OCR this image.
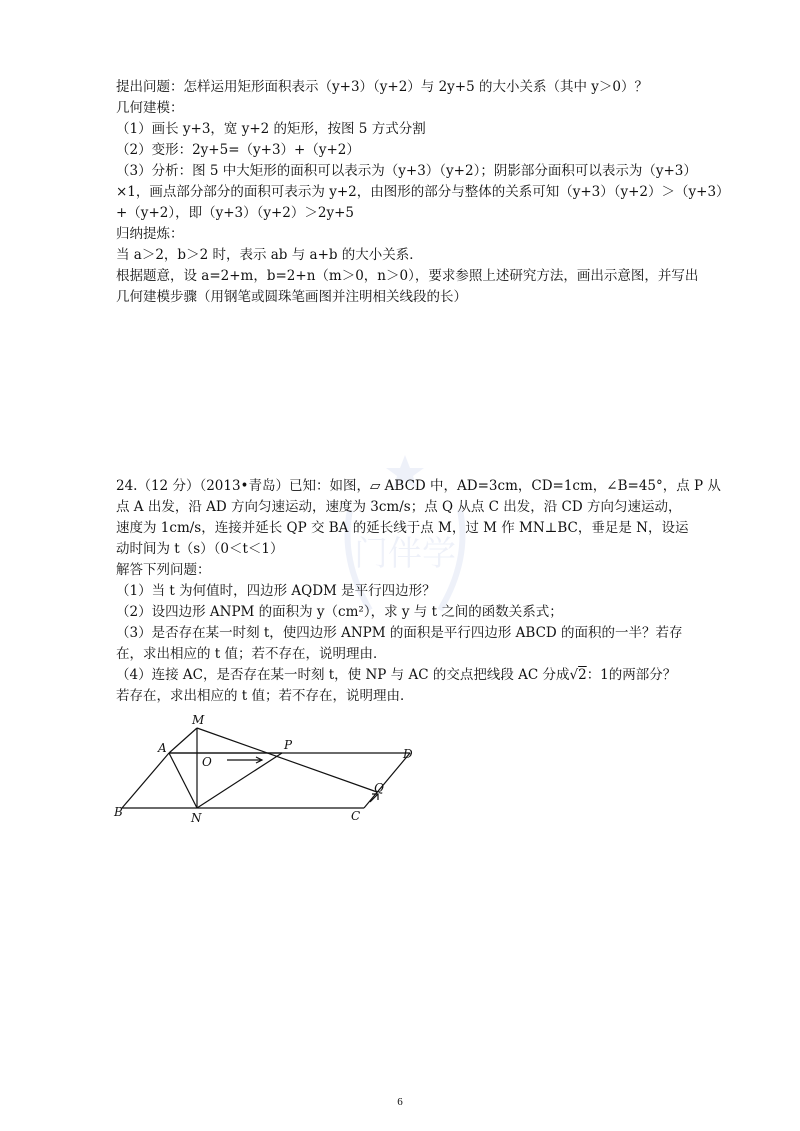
门伴学
提出问题：怎样运用矩形面积表示（y+3）（y+2）与 2y+5 的大小关系（其中 y＞0）？
几何建模：
（1）画长 y+3，宽 y+2 的矩形，按图 5 方式分割
（2）变形：2y+5=（y+3）+（y+2）
（3）分析：图 5 中大矩形的面积可以表示为（y+3）（y+2）；阴影部分面积可以表示为（y+3）
×1，画点部分部分的面积可表示为 y+2，由图形的部分与整体的关系可知（y+3）（y+2）＞（y+3）
+（y+2），即（y+3）（y+2）＞2y+5
归纳提炼：
当 a＞2，b＞2 时，表示 ab 与 a+b 的大小关系．
根据题意，设 a=2+m，b=2+n（m＞0，n＞0），要求参照上述研究方法，画出示意图，并写出
几何建模步骤（用钢笔或圆珠笔画图并注明相关线段的长）
24.（12 分）（2013•青岛）已知：如图，▱ ABCD 中，AD=3cm，CD=1cm，∠B=45°，点 P 从
点 A 出发，沿 AD 方向匀速运动，速度为 3cm/s；点 Q 从点 C 出发，沿 CD 方向匀速运动，
速度为 1cm/s，连接并延长 QP 交 BA 的延长线于点 M，过 M 作 MN⊥BC，垂足是 N，设运
动时间为 t（s）（0＜t＜1）
解答下列问题：
（1）当 t 为何值时，四边形 AQDM 是平行四边形？
（2）设四边形 ANPM 的面积为 y（cm²），求 y 与 t 之间的函数关系式；
（3）是否存在某一时刻 t，使四边形 ANPM 的面积是平行四边形 ABCD 的面积的一半？若存
在，求出相应的 t 值；若不存在，说明理由．
（4）连接 AC，是否存在某一时刻 t，使 NP 与 AC 的交点把线段 AC 分成√2：1的两部分？
若存在，求出相应的 t 值；若不存在，说明理由．
M
A
O
P
D
B	N	C
Q
6
